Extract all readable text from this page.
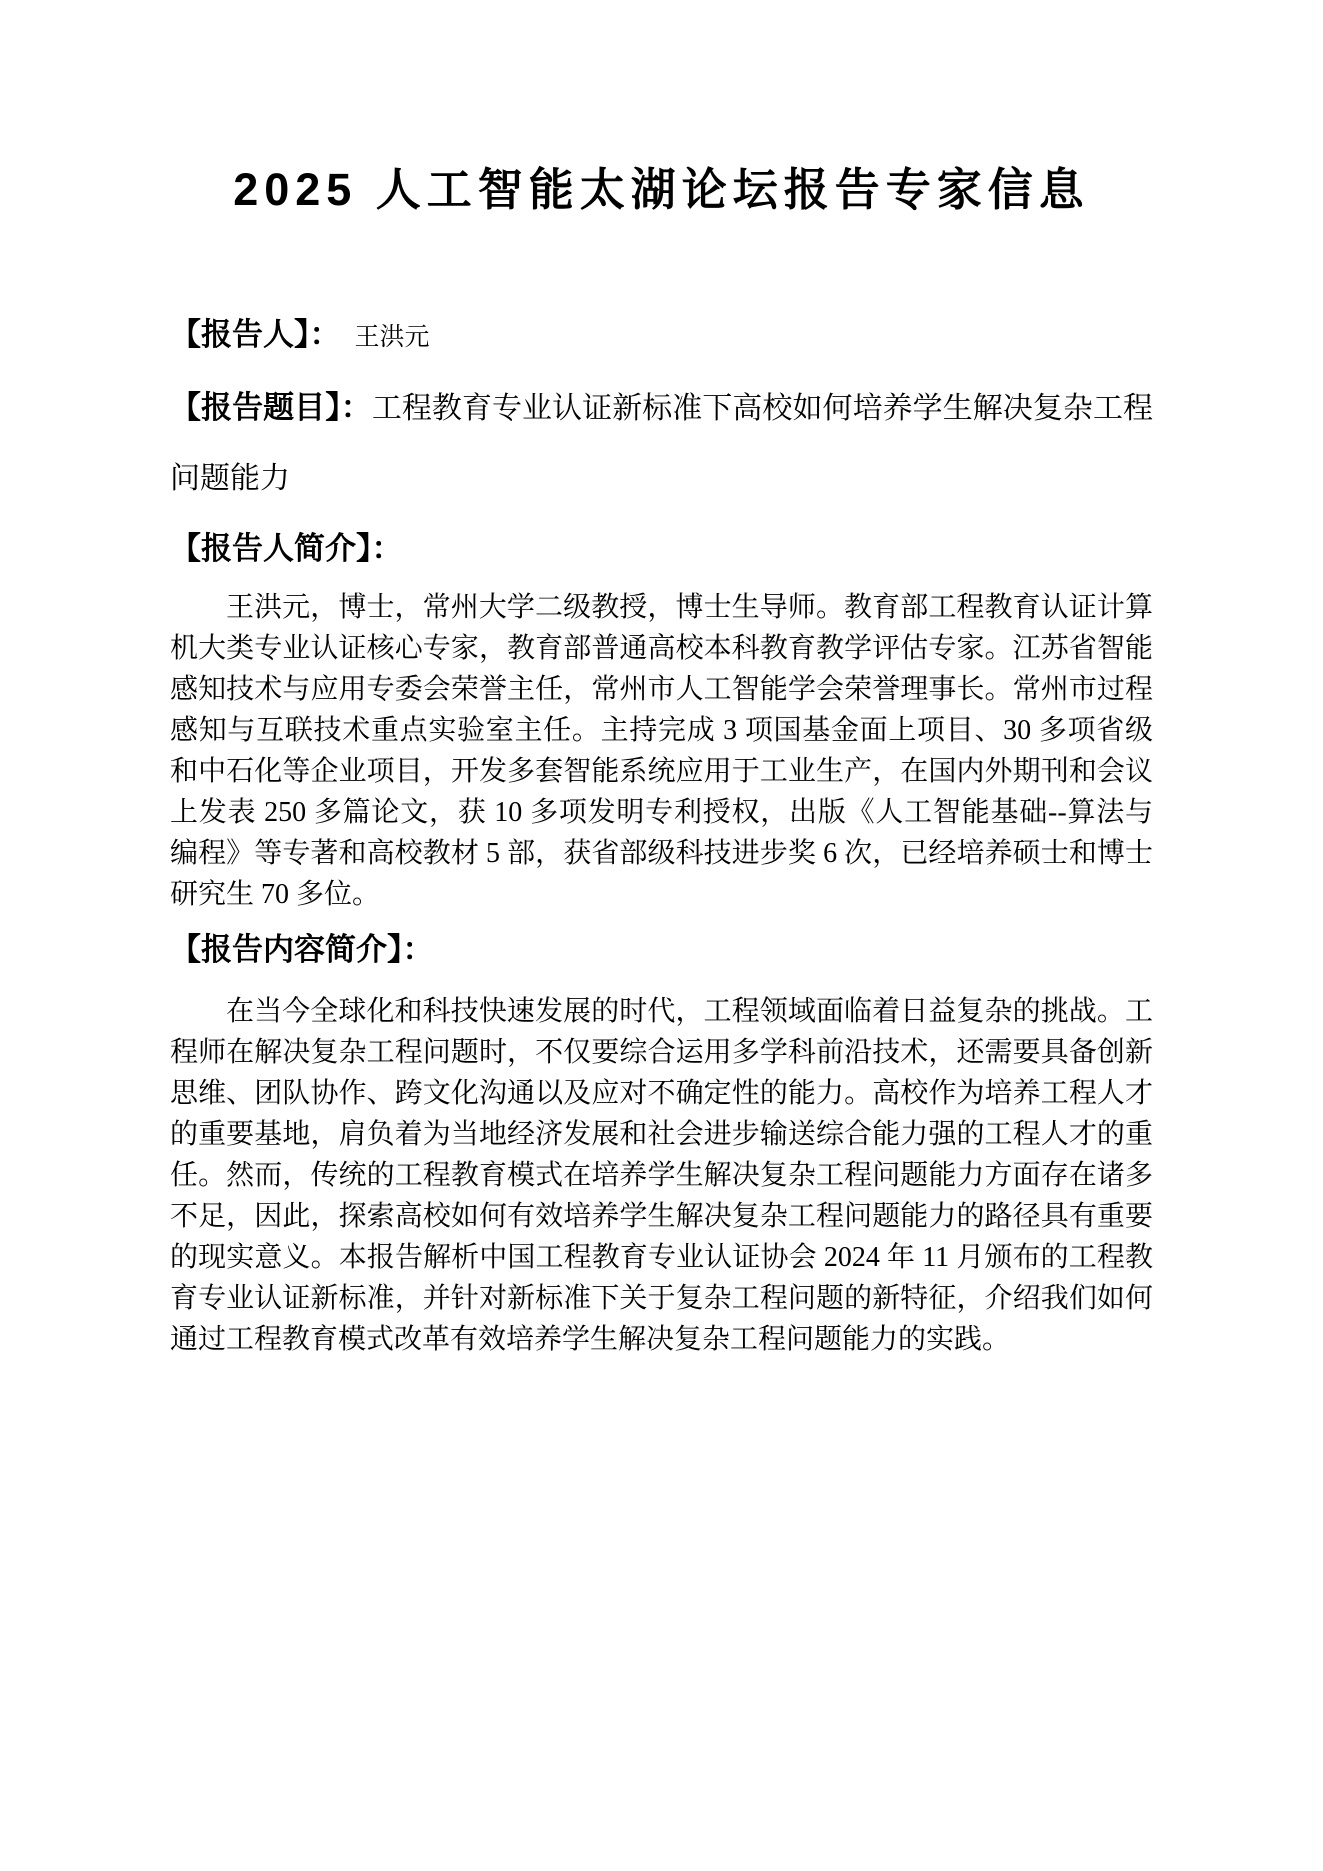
2025 人工智能太湖论坛报告专家信息

【报告人】： 王洪元

【报告题目】：工程教育专业认证新标准下高校如何培养学生解决复杂工程问题能力

【报告人简介】：

王洪元，博士，常州大学二级教授，博士生导师。教育部工程教育认证计算机大类专业认证核心专家，教育部普通高校本科教育教学评估专家。江苏省智能感知技术与应用专委会荣誉主任，常州市人工智能学会荣誉理事长。常州市过程感知与互联技术重点实验室主任。主持完成 3 项国基金面上项目、30 多项省级和中石化等企业项目，开发多套智能系统应用于工业生产，在国内外期刊和会议上发表 250 多篇论文，获 10 多项发明专利授权，出版《人工智能基础--算法与编程》等专著和高校教材 5 部，获省部级科技进步奖 6 次，已经培养硕士和博士研究生 70 多位。

【报告内容简介】：

在当今全球化和科技快速发展的时代，工程领域面临着日益复杂的挑战。工程师在解决复杂工程问题时，不仅要综合运用多学科前沿技术，还需要具备创新思维、团队协作、跨文化沟通以及应对不确定性的能力。高校作为培养工程人才的重要基地，肩负着为当地经济发展和社会进步输送综合能力强的工程人才的重任。然而，传统的工程教育模式在培养学生解决复杂工程问题能力方面存在诸多不足，因此，探索高校如何有效培养学生解决复杂工程问题能力的路径具有重要的现实意义。本报告解析中国工程教育专业认证协会 2024 年 11 月颁布的工程教育专业认证新标准，并针对新标准下关于复杂工程问题的新特征，介绍我们如何通过工程教育模式改革有效培养学生解决复杂工程问题能力的实践。
